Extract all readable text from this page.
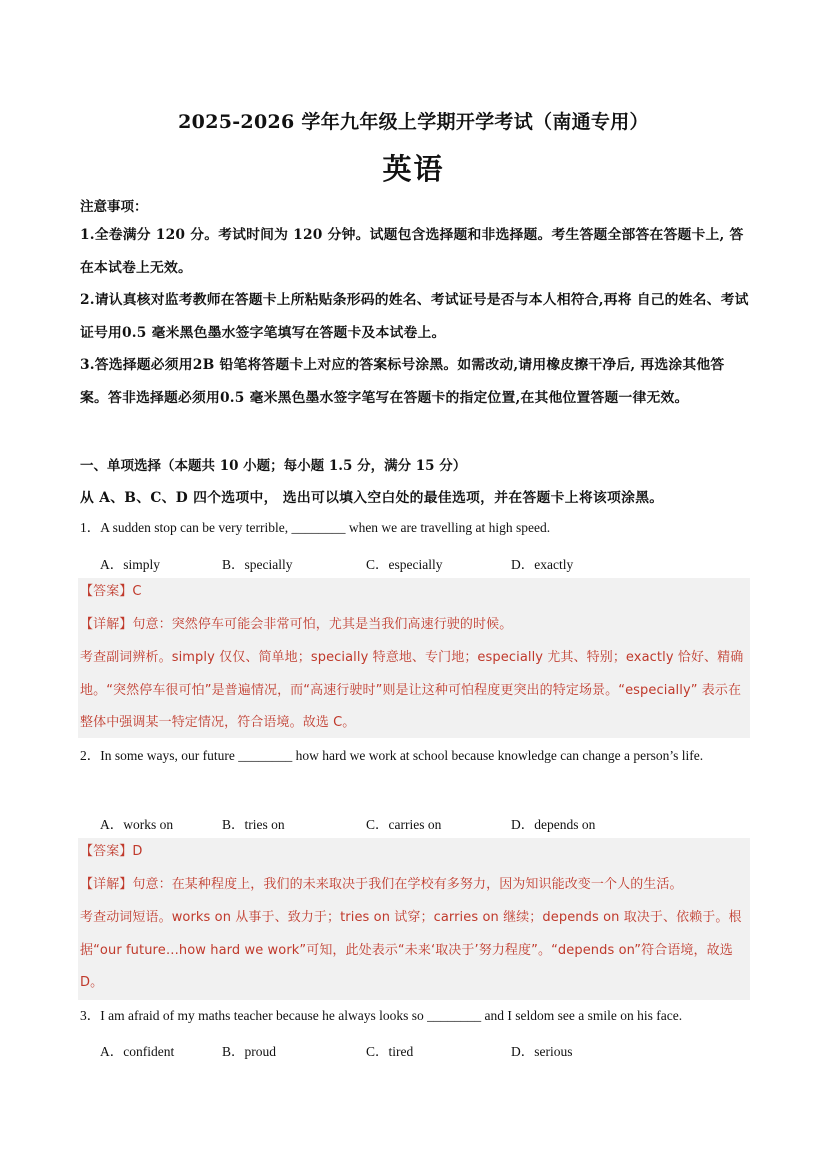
2025-2026 学年九年级上学期开学考试（南通专用）
英语
注意事项：
1.全卷满分 120 分。考试时间为 120 分钟。试题包含选择题和非选择题。考生答题全部答在答题卡上, 答在本试卷上无效。
2.请认真核对监考教师在答题卡上所粘贴条形码的姓名、考试证号是否与本人相符合,再将 自己的姓名、考试证号用0.5 毫米黑色墨水签字笔填写在答题卡及本试卷上。
3.答选择题必须用2B 铅笔将答题卡上对应的答案标号涂黑。如需改动,请用橡皮擦干净后, 再选涂其他答案。答非选择题必须用0.5 毫米黑色墨水签字笔写在答题卡的指定位置,在其他位置答题一律无效。
一、单项选择（本题共 10 小题；每小题 1.5 分，满分 15 分）
从 A、B、C、D 四个选项中， 选出可以填入空白处的最佳选项，并在答题卡上将该项涂黑。
1．A sudden stop can be very terrible, ________ when we are travelling at high speed.
A．simply	B．specially	C．especially	D．exactly
【答案】C
【详解】句意：突然停车可能会非常可怕，尤其是当我们高速行驶的时候。
考查副词辨析。simply 仅仅、简单地；specially 特意地、专门地；especially 尤其、特别；exactly 恰好、精确地。“突然停车很可怕”是普遍情况，而“高速行驶时”则是让这种可怕程度更突出的特定场景。“especially” 表示在整体中强调某一特定情况，符合语境。故选 C。
2．In some ways, our future ________ how hard we work at school because knowledge can change a person’s life.
A．works on	B．tries on	C．carries on	D．depends on
【答案】D
【详解】句意：在某种程度上，我们的未来取决于我们在学校有多努力，因为知识能改变一个人的生活。
考查动词短语。works on 从事于、致力于；tries on 试穿；carries on 继续；depends on 取决于、依赖于。根据“our future…how hard we work”可知，此处表示“未来‘取决于’努力程度”。“depends on”符合语境，故选 D。
3．I am afraid of my maths teacher because he always looks so ________ and I seldom see a smile on his face.
A．confident	B．proud	C．tired	D．serious
